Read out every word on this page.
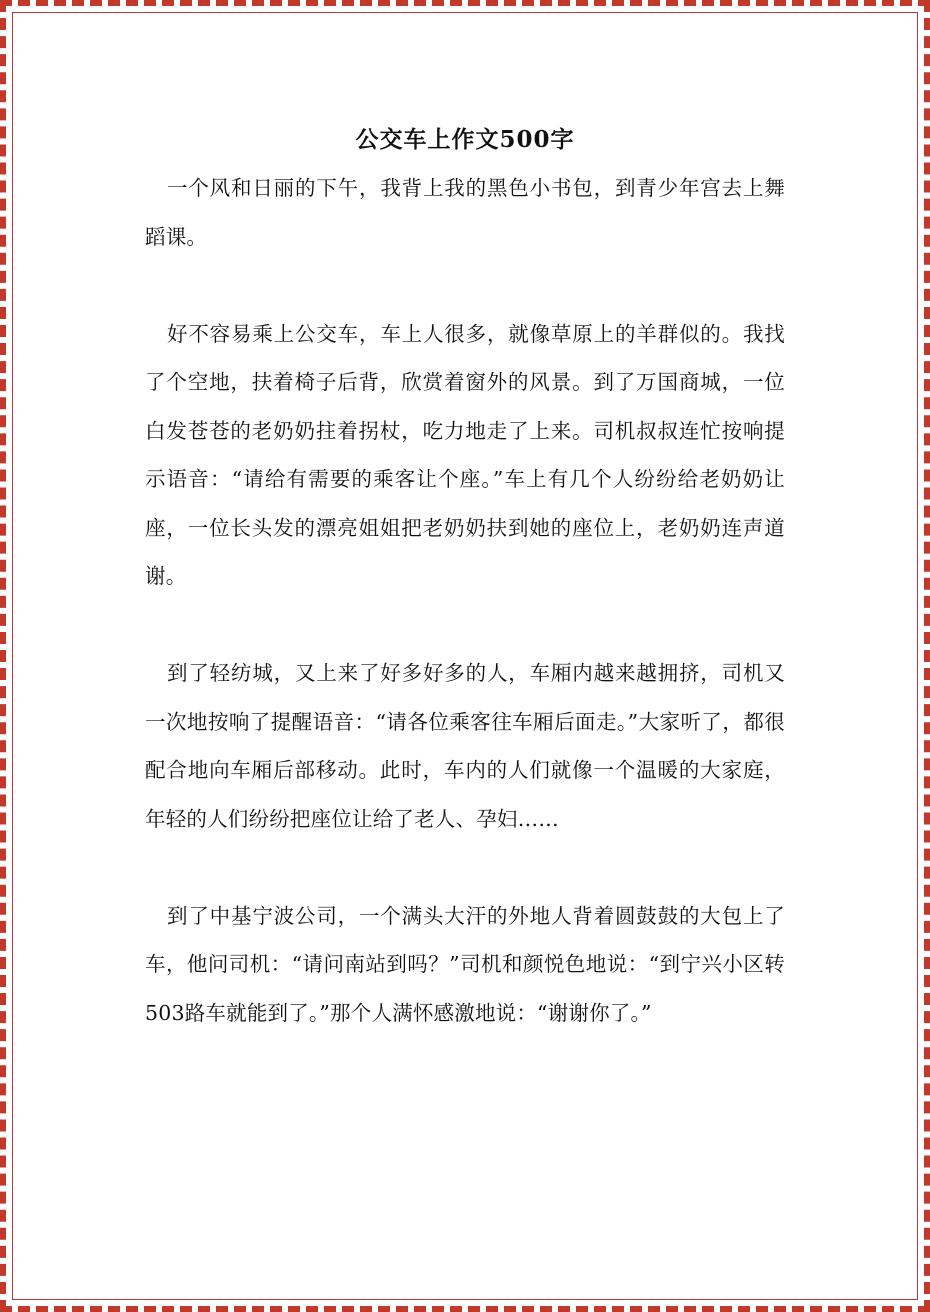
公交车上作文500字

一个风和日丽的下午，我背上我的黑色小书包，到青少年宫去上舞蹈课。

好不容易乘上公交车，车上人很多，就像草原上的羊群似的。我找了个空地，扶着椅子后背，欣赏着窗外的风景。到了万国商城，一位白发苍苍的老奶奶拄着拐杖，吃力地走了上来。司机叔叔连忙按响提示语音：“请给有需要的乘客让个座。”车上有几个人纷纷给老奶奶让座，一位长头发的漂亮姐姐把老奶奶扶到她的座位上，老奶奶连声道谢。

到了轻纺城，又上来了好多好多的人，车厢内越来越拥挤，司机又一次地按响了提醒语音：“请各位乘客往车厢后面走。”大家听了，都很配合地向车厢后部移动。此时，车内的人们就像一个温暖的大家庭，年轻的人们纷纷把座位让给了老人、孕妇……

到了中基宁波公司，一个满头大汗的外地人背着圆鼓鼓的大包上了车，他问司机：“请问南站到吗？”司机和颜悦色地说：“到宁兴小区转503路车就能到了。”那个人满怀感激地说：“谢谢你了。”
